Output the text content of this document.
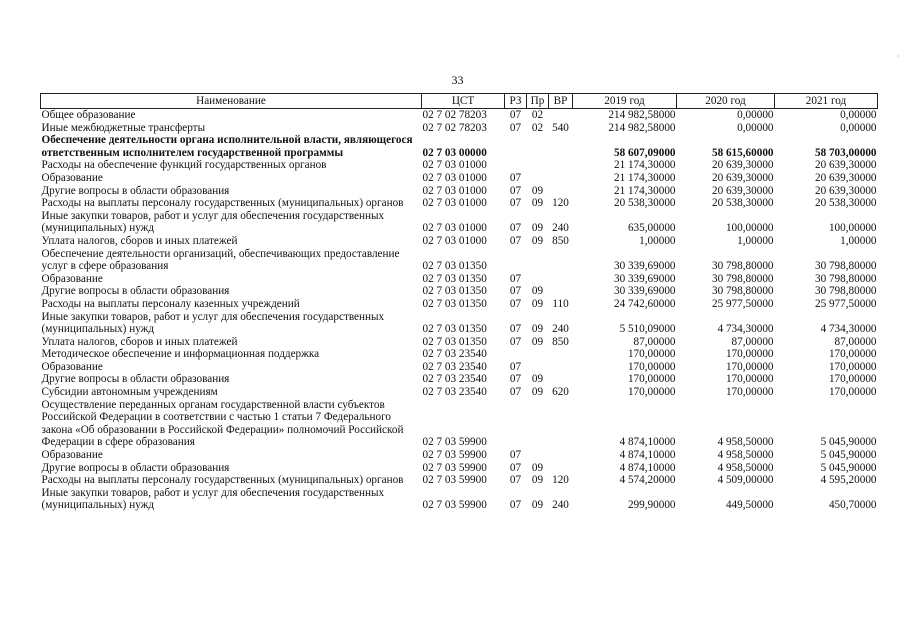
33
Наименование	ЦСТ	РЗ	Пр	ВР	2019 год	2020 год	2021 год
Общее образование	02 7 02 78203	07	02		214 982,58000	0,00000	0,00000
Иные межбюджетные трансферты	02 7 02 78203	07	02	540	214 982,58000	0,00000	0,00000
Обеспечение деятельности органа исполнительной власти, являющегося ответственным исполнителем государственной программы	02 7 03 00000				58 607,09000	58 615,60000	58 703,00000
Расходы на обеспечение функций государственных органов	02 7 03 01000				21 174,30000	20 639,30000	20 639,30000
Образование	02 7 03 01000	07			21 174,30000	20 639,30000	20 639,30000
Другие вопросы в области образования	02 7 03 01000	07	09		21 174,30000	20 639,30000	20 639,30000
Расходы на выплаты персоналу государственных (муниципальных) органов	02 7 03 01000	07	09	120	20 538,30000	20 538,30000	20 538,30000
Иные закупки товаров, работ и услуг для обеспечения государственных (муниципальных) нужд	02 7 03 01000	07	09	240	635,00000	100,00000	100,00000
Уплата налогов, сборов и иных платежей	02 7 03 01000	07	09	850	1,00000	1,00000	1,00000
Обеспечение деятельности организаций, обеспечивающих предоставление услуг в сфере образования	02 7 03 01350				30 339,69000	30 798,80000	30 798,80000
Образование	02 7 03 01350	07			30 339,69000	30 798,80000	30 798,80000
Другие вопросы в области образования	02 7 03 01350	07	09		30 339,69000	30 798,80000	30 798,80000
Расходы на выплаты персоналу казенных учреждений	02 7 03 01350	07	09	110	24 742,60000	25 977,50000	25 977,50000
Иные закупки товаров, работ и услуг для обеспечения государственных (муниципальных) нужд	02 7 03 01350	07	09	240	5 510,09000	4 734,30000	4 734,30000
Уплата налогов, сборов и иных платежей	02 7 03 01350	07	09	850	87,00000	87,00000	87,00000
Методическое обеспечение и информационная поддержка	02 7 03 23540				170,00000	170,00000	170,00000
Образование	02 7 03 23540	07			170,00000	170,00000	170,00000
Другие вопросы в области образования	02 7 03 23540	07	09		170,00000	170,00000	170,00000
Субсидии автономным учреждениям	02 7 03 23540	07	09	620	170,00000	170,00000	170,00000
Осуществление переданных органам государственной власти субъектов Российской Федерации в соответствии с частью 1 статьи 7 Федерального закона «Об образовании в Российской Федерации» полномочий Российской Федерации в сфере образования	02 7 03 59900				4 874,10000	4 958,50000	5 045,90000
Образование	02 7 03 59900	07			4 874,10000	4 958,50000	5 045,90000
Другие вопросы в области образования	02 7 03 59900	07	09		4 874,10000	4 958,50000	5 045,90000
Расходы на выплаты персоналу государственных (муниципальных) органов	02 7 03 59900	07	09	120	4 574,20000	4 509,00000	4 595,20000
Иные закупки товаров, работ и услуг для обеспечения государственных (муниципальных) нужд	02 7 03 59900	07	09	240	299,90000	449,50000	450,70000
·
